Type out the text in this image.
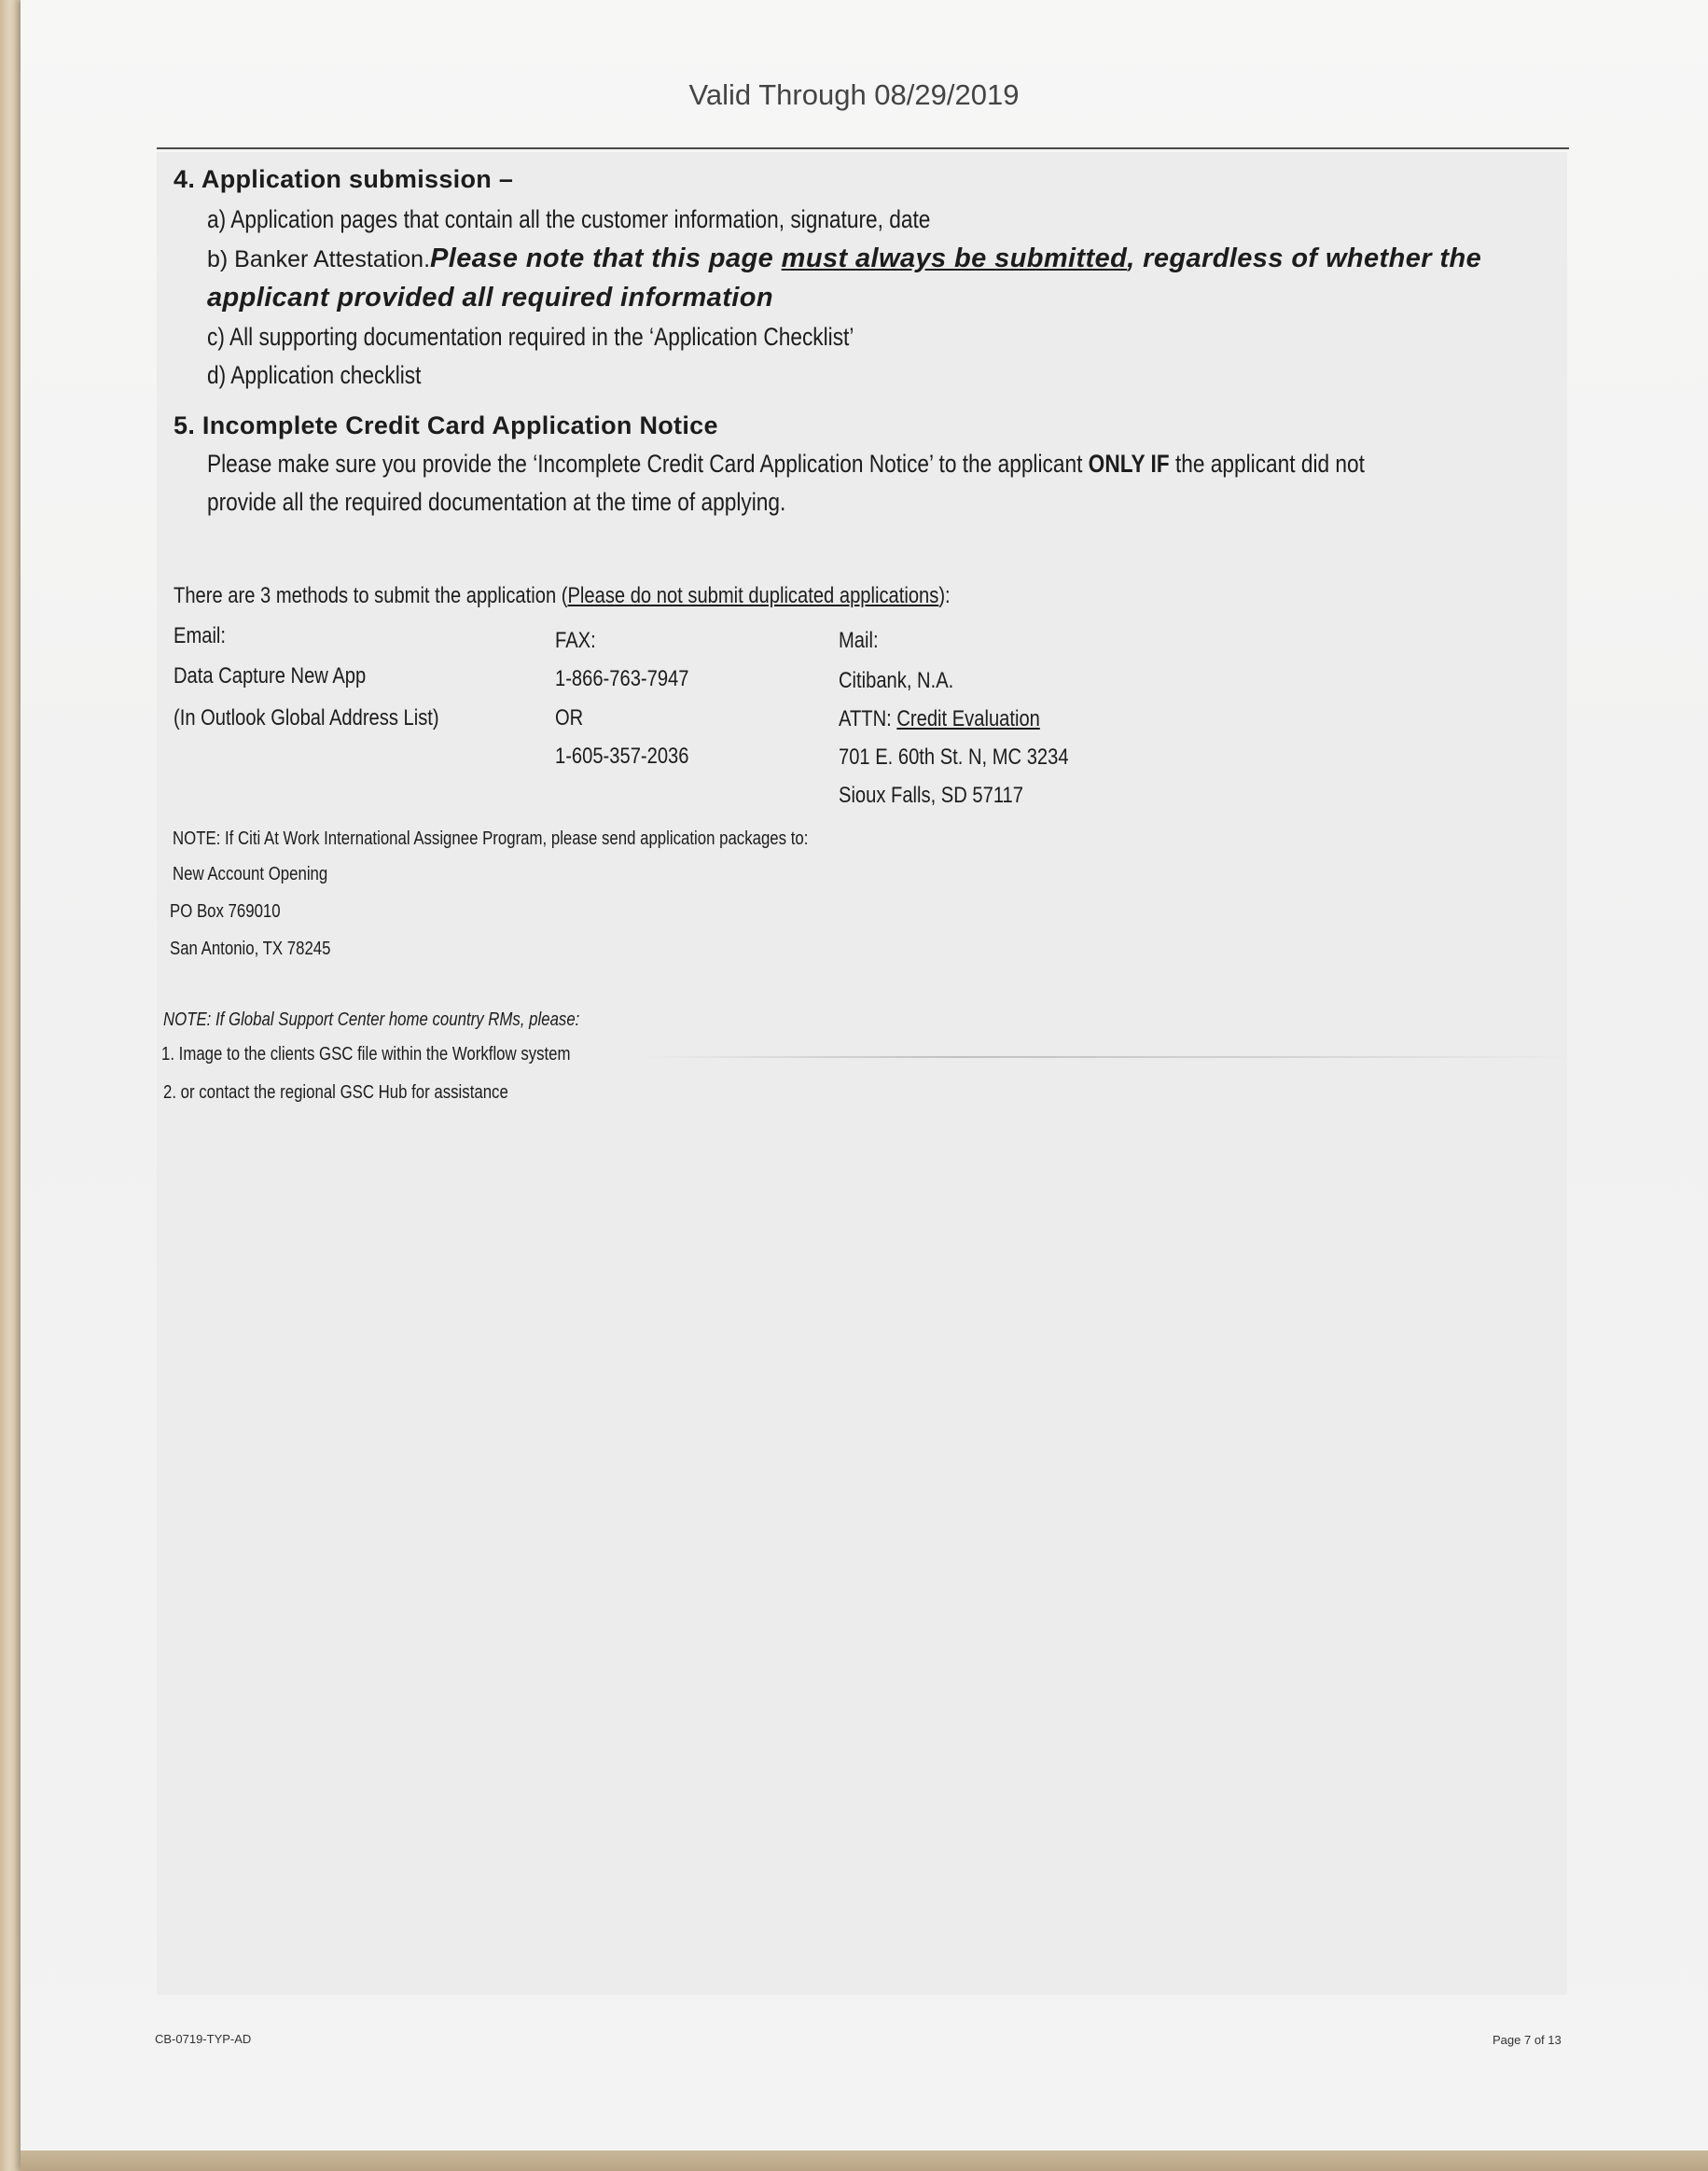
Valid Through 08/29/2019
4. Application submission –
a) Application pages that contain all the customer information, signature, date
b) Banker Attestation.Please note that this page must always be submitted, regardless of whether the
applicant provided all required information
c) All supporting documentation required in the ‘Application Checklist’
d) Application checklist
5. Incomplete Credit Card Application Notice
Please make sure you provide the ‘Incomplete Credit Card Application Notice’ to the applicant ONLY IF the applicant did not
provide all the required documentation at the time of applying.
There are 3 methods to submit the application (Please do not submit duplicated applications):
Email:
Data Capture New App
(In Outlook Global Address List)
FAX:
1-866-763-7947
OR
1-605-357-2036
Mail:
Citibank, N.A.
ATTN: Credit Evaluation
701 E. 60th St. N, MC 3234
Sioux Falls, SD 57117
NOTE: If Citi At Work International Assignee Program, please send application packages to:
New Account Opening
PO Box 769010
San Antonio, TX 78245
NOTE: If Global Support Center home country RMs, please:
1. Image to the clients GSC file within the Workflow system
2. or contact the regional GSC Hub for assistance
CB-0719-TYP-AD	Page 7 of 13
